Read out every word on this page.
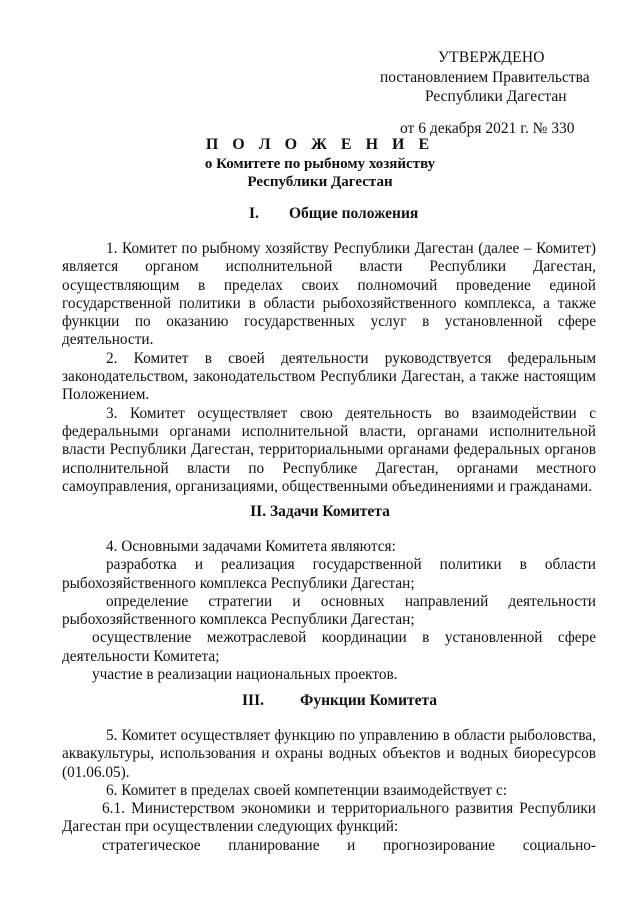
УТВЕРЖДЕНО
постановлением Правительства
Республики Дагестан
от 6 декабря 2021 г. № 330
П О Л О Ж Е Н И Е
о Комитете по рыбному хозяйству
Республики Дагестан
I. Общие положения

1. Комитет по рыбному хозяйству Республики Дагестан (далее – Комитет) является органом исполнительной власти Республики Дагестан, осуществляющим в пределах своих полномочий проведение единой государственной политики в области рыбохозяйственного комплекса, а также функции по оказанию государственных услуг в установленной сфере деятельности.

2. Комитет в своей деятельности руководствуется федеральным законодательством, законодательством Республики Дагестан, а также настоящим Положением.

3. Комитет осуществляет свою деятельность во взаимодействии с федеральными органами исполнительной власти, органами исполнительной власти Республики Дагестан, территориальными органами федеральных органов исполнительной власти по Республике Дагестан, органами местного самоуправления, организациями, общественными объединениями и гражданами.

II. Задачи Комитета

4. Основными задачами Комитета являются:

разработка и реализация государственной политики в области рыбохозяйственного комплекса Республики Дагестан;

определение стратегии и основных направлений деятельности рыбохозяйственного комплекса Республики Дагестан;

осуществление межотраслевой координации в установленной сфере деятельности Комитета;

участие в реализации национальных проектов.

III. Функции Комитета

5. Комитет осуществляет функцию по управлению в области рыболовства, аквакультуры, использования и охраны водных объектов и водных биоресурсов (01.06.05).

6. Комитет в пределах своей компетенции взаимодействует с:

6.1. Министерством экономики и территориального развития Республики Дагестан при осуществлении следующих функций:

стратегическое планирование и прогнозирование социально-
